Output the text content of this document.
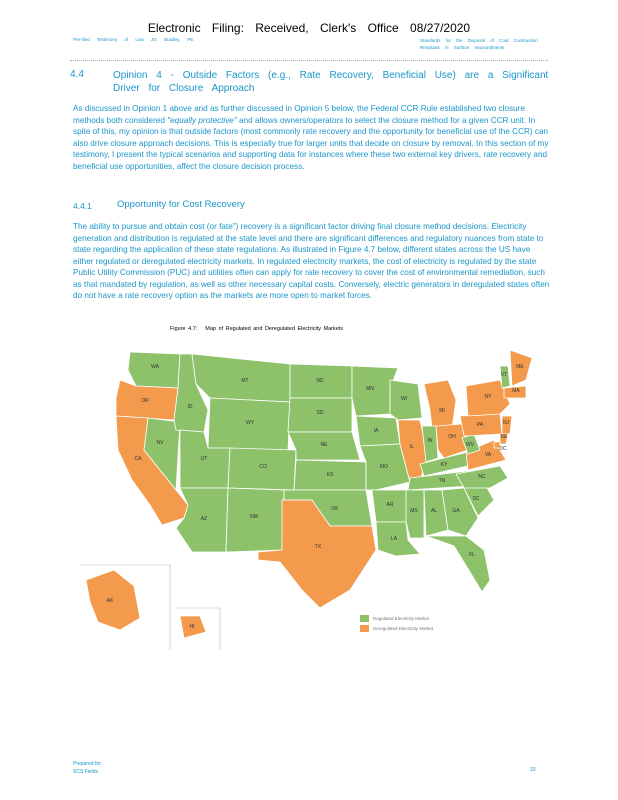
Electronic Filing: Received, Clerk's Office 08/27/2020
Pre-filed Testimony of Lisa JG Bradley, PE	Standards for the Disposal of Coal Combustion
Residuals in Surface Impoundments
4.4	Opinion 4 - Outside Factors (e.g., Rate Recovery, Beneficial Use) are a Significant Driver for Closure Approach
As discussed in Opinion 1 above and as further discussed in Opinion 5 below, the Federal CCR Rule established two closure methods both considered "equally protective" and allows owners/operators to select the closure method for a given CCR unit. In spite of this, my opinion is that outside factors (most commonly rate recovery and the opportunity for beneficial use of the CCR) can also drive closure approach decisions. This is especially true for larger units that decide on closure by removal. In this section of my testimony, I present the typical scenarios and supporting data for instances where these two external key drivers, rate recovery and beneficial use opportunities, affect the closure decision process.
4.4.1	Opportunity for Cost Recovery
The ability to pursue and obtain cost (or fate") recovery is a significant factor driving final closure method decisions. Electricity generation and distribution is regulated at the state level and there are significant differences and regulatory nuances from state to state regarding the application of these state regulations. As illustrated in Figure 4.7 below, different states across the US have either regulated or deregulated electricity markets. In regulated electricity markets, the cost of electricity is regulated by the state Public Utility Commission (PUC) and utilities often can apply for rate recovery to cover the cost of environmental remediation, such as that mandated by regulation, as well as other necessary capital costs. Conversely, electric generators in deregulated states often do not have a rate recovery option as the markets are more open to market forces.
Figure 4.7: Map of Regulated and Deregulated Electricity Markets
WA
OR
CA
NV
ID
MT
WY
UT
AZ
CO
NM
ND
SD
NE
KS
OK
TX
MN
IA
MO
AR
LA
WI
IL
MI
IN
OH
KY
TN
MS	AL	GA
FL
SC
NC
VA
WV
PA
NY
VT
ME
MA
NJ
DE
DC
AK
HI
Regulated Electricity Market
Deregulated Electricity Market
Prepared for:
SCS Fields	33
